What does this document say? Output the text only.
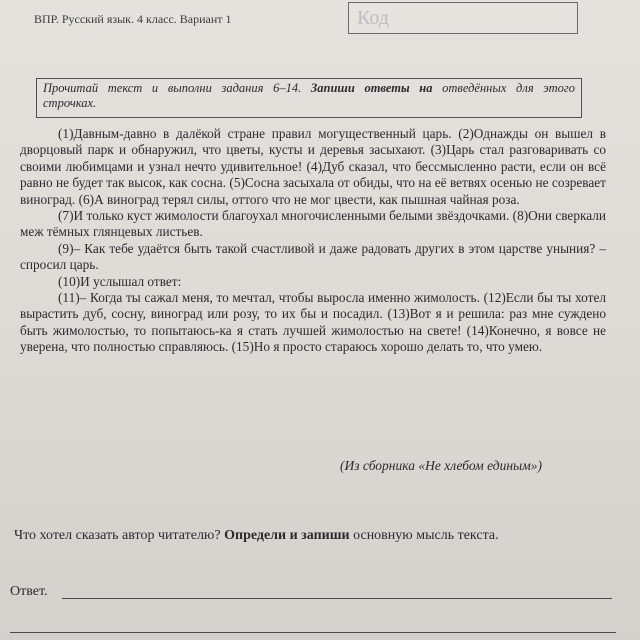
ВПР. Русский язык. 4 класс. Вариант 1	Код

Прочитай текст и выполни задания 6–14. Запиши ответы на отведённых для этого строчках.

(1)Давным-давно в далёкой стране правил могущественный царь. (2)Однажды он вышел в дворцовый парк и обнаружил, что цветы, кусты и деревья засыхают. (3)Царь стал разговаривать со своими любимцами и узнал нечто удивительное! (4)Дуб сказал, что бессмысленно расти, если он всё равно не будет так высок, как сосна. (5)Сосна засыхала от обиды, что на её ветвях осенью не созревает виноград. (6)А виноград терял силы, оттого что не мог цвести, как пышная чайная роза.

(7)И только куст жимолости благоухал многочисленными белыми звёздочками. (8)Они сверкали меж тёмных глянцевых листьев.

(9)– Как тебе удаётся быть такой счастливой и даже радовать других в этом царстве уныния? – спросил царь.

(10)И услышал ответ:

(11)– Когда ты сажал меня, то мечтал, чтобы выросла именно жимолость. (12)Если бы ты хотел вырастить дуб, сосну, виноград или розу, то их бы и посадил. (13)Вот я и решила: раз мне суждено быть жимолостью, то попытаюсь-ка я стать лучшей жимолостью на свете! (14)Конечно, я вовсе не уверена, что полностью справляюсь. (15)Но я просто стараюсь хорошо делать то, что умею.

(Из сборника «Не хлебом единым»)
Что хотел сказать автор читателю? Определи и запиши основную мысль текста.
Ответ.
